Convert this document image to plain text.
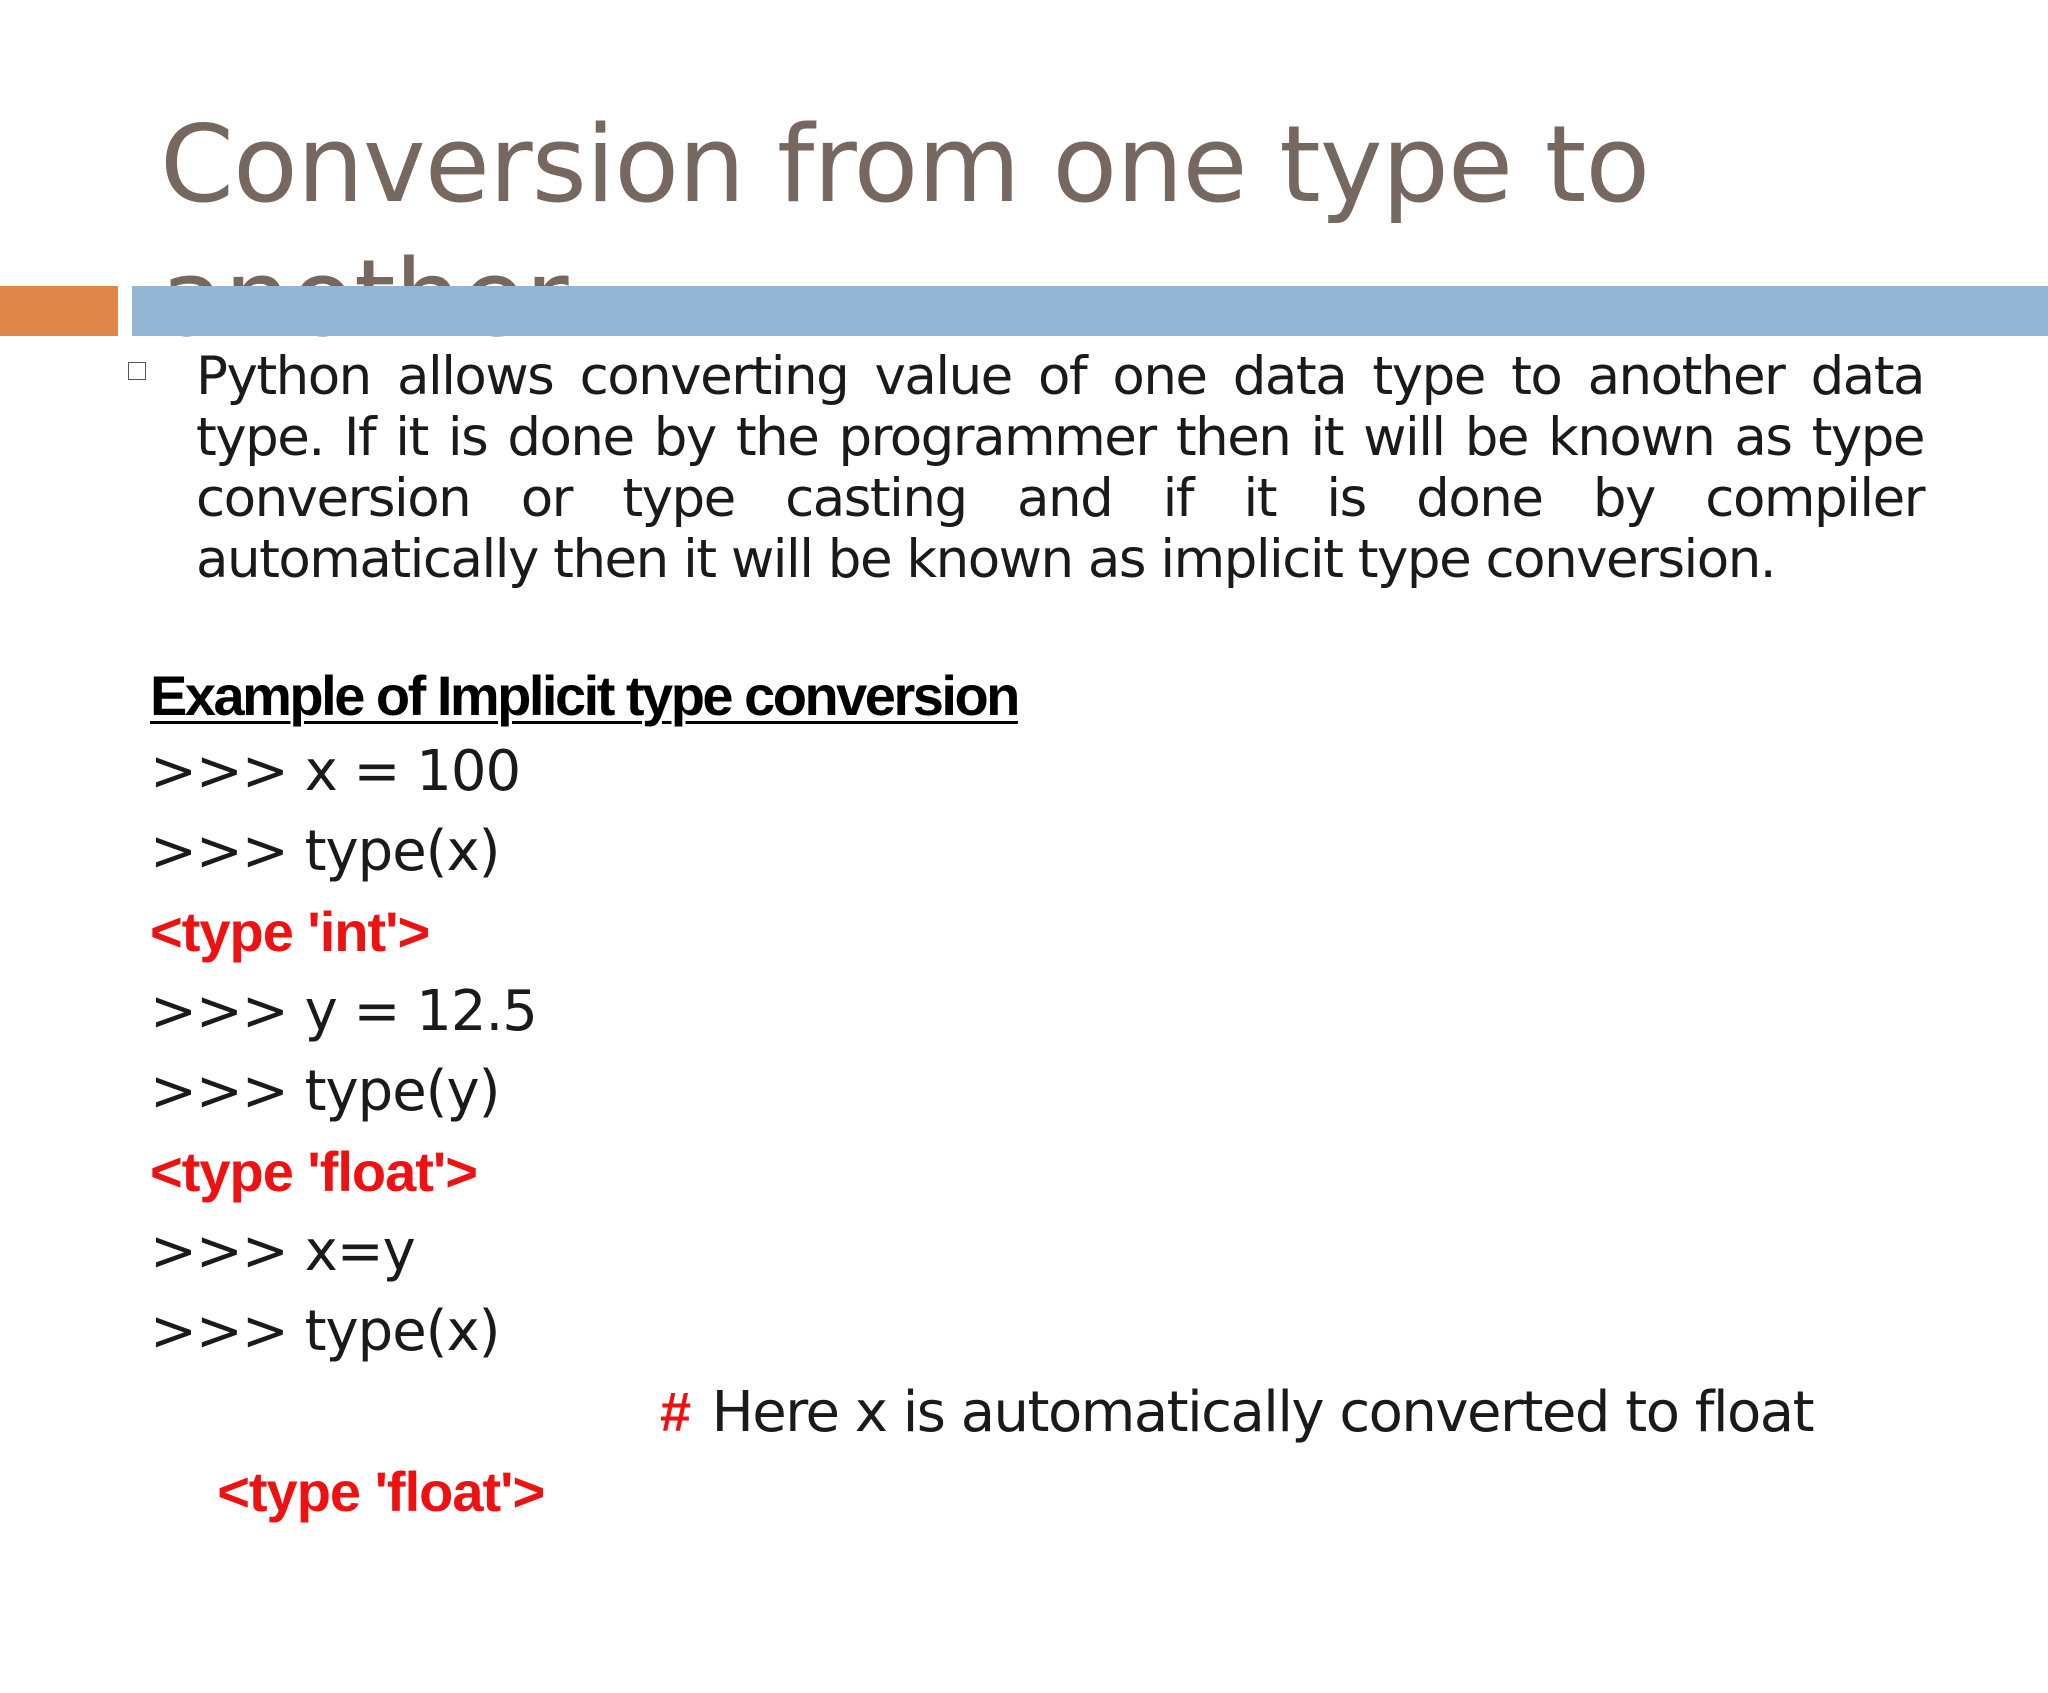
Conversion from one type to

Python allows converting value of one data type to another data type. If it is done by the programmer then it will be known as type conversion or type casting and if it is done by compiler automatically then it will be known as implicit type conversion.

Example of Implicit type conversion
>>> x = 100
>>> type(x)
<type 'int'>
>>> y = 12.5
>>> type(y)
<type 'float'>
>>> x=y
>>> type(x)

<type 'float'>

# Here x is automatically converted to float
